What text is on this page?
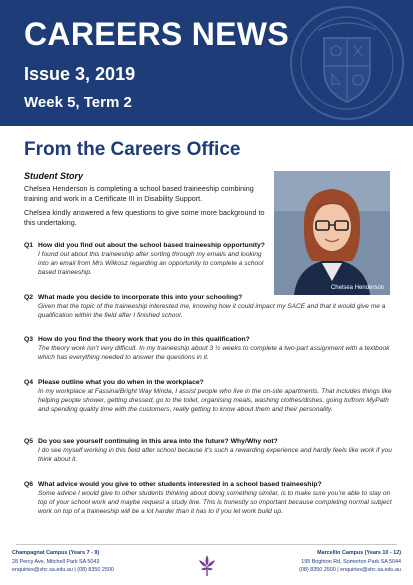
CAREERS NEWS
Issue 3, 2019
Week 5, Term 2
From the Careers Office
Student Story
Chelsea Henderson is completing a school based traineeship combining training and work in a Certificate III in Disability Support.
Chelsea kindly answered a few questions to give some more background to this undertaking.
Chelsea Henderson
Q1 How did you find out about the school based traineeship opportunity?
I found out about this traineeship after sorting through my emails and looking into an email from Mrs Wilkosz regarding an opportunity to complete a school based traineeship.
Q2 What made you decide to incorporate this into your schooling?
Given that the topic of the traineeship interested me, knowing how it could impact my SACE and that it would give me a qualification within the field after I finished school.
Q3 How do you find the theory work that you do in this qualification?
The theory work isn’t very difficult. In my traineeship about 3 ½ weeks to complete a two-part assignment with a textbook which has everything needed to answer the questions in it.
Q4 Please outline what you do when in the workplace?
In my workplace at Fassina/Bright Way Minda, I assist people who live in the on-site apartments. That includes things like helping people shower, getting dressed, go to the toilet, organising meals, washing clothes/dishes, going to/from MyPath and spending quality time with the customers, really getting to know about them and their personality.
Q5 Do you see yourself continuing in this area into the future? Why/Why not?
I do see myself working in this field after school because it’s such a rewarding experience and hardly feels like work if you think about it.
Q6 What advice would you give to other students interested in a school based traineeship?
Some advice I would give to other students thinking about doing something similar, is to make sure you’re able to stay on top of your school work and maybe request a study line. This is honestly so important because completing normal subject work on top of a traineeship will be a lot harder than it has to if you let work build up.
Champagnat Campus (Years 7 - 9)
28 Percy Ave, Mitchell Park SA 5043
enquiries@shc.sa.edu.au | (08) 8350 2500
Marcellin Campus (Years 10 - 12)
195 Brighton Rd, Somerton Park SA 5044
(08) 8350 2500 | enquiries@shc.sa.edu.au
